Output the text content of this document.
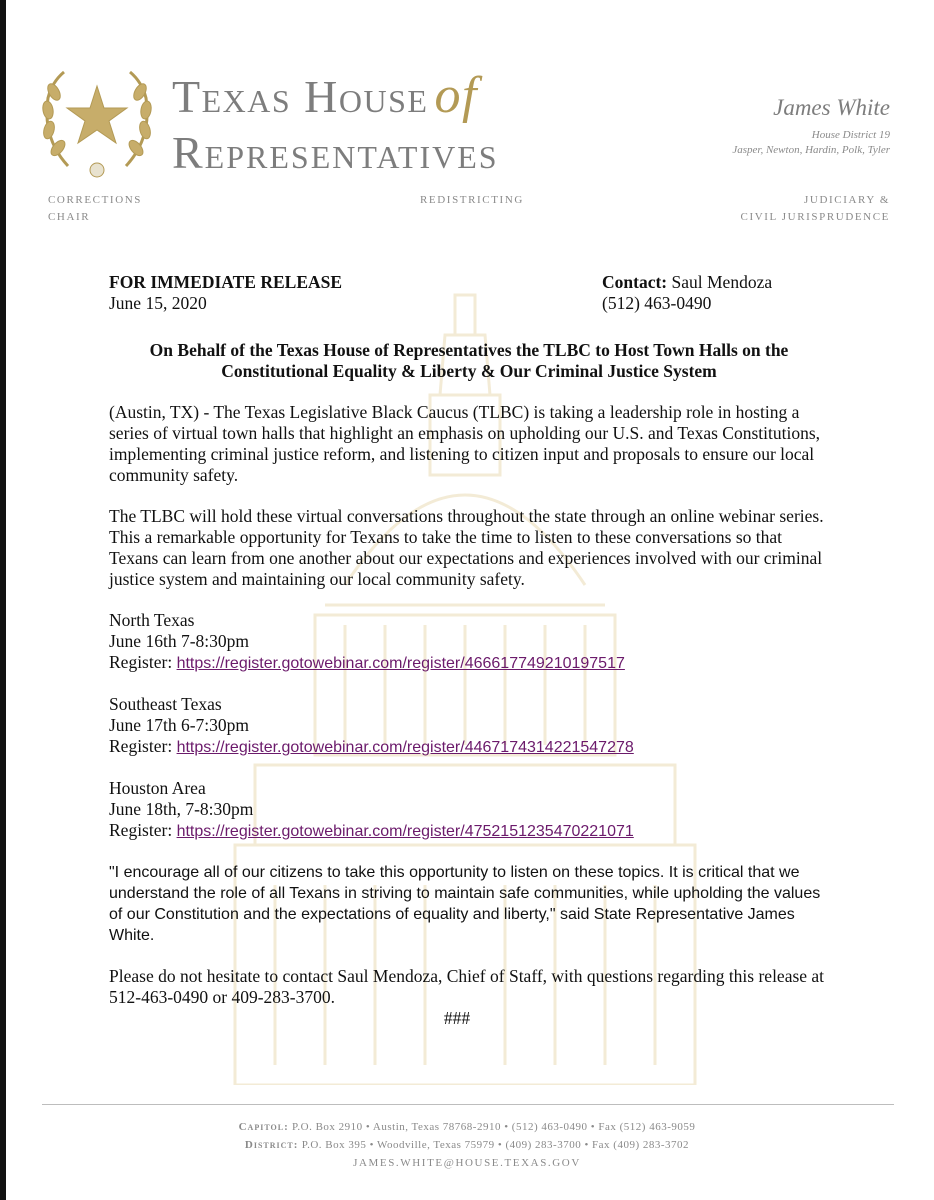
Texas House of
Representatives
James White
House District 19
Jasper, Newton, Hardin, Polk, Tyler
CORRECTIONS
CHAIR
REDISTRICTING	JUDICIARY &
CIVIL JURISPRUDENCE
FOR IMMEDIATE RELEASE
June 15, 2020
Contact: Saul Mendoza
(512) 463-0490
On Behalf of the Texas House of Representatives the TLBC to Host Town Halls on the
Constitutional Equality & Liberty & Our Criminal Justice System

(Austin, TX) - The Texas Legislative Black Caucus (TLBC) is taking a leadership role in hosting a series of virtual town halls that highlight an emphasis on upholding our U.S. and Texas Constitutions, implementing criminal justice reform, and listening to citizen input and proposals to ensure our local community safety.

The TLBC will hold these virtual conversations throughout the state through an online webinar series. This a remarkable opportunity for Texans to take the time to listen to these conversations so that Texans can learn from one another about our expectations and experiences involved with our criminal justice system and maintaining our local community safety.

North Texas
June 16th 7-8:30pm
Register: https://register.gotowebinar.com/register/466617749210197517
Southeast Texas
June 17th 6-7:30pm
Register: https://register.gotowebinar.com/register/4467174314221547278
Houston Area
June 18th, 7-8:30pm
Register: https://register.gotowebinar.com/register/4752151235470221071

"I encourage all of our citizens to take this opportunity to listen on these topics. It is critical that we understand the role of all Texans in striving to maintain safe communities, while upholding the values of our Constitution and the expectations of equality and liberty," said State Representative James White.

Please do not hesitate to contact Saul Mendoza, Chief of Staff, with questions regarding this release at 512-463-0490 or 409-283-3700.

###
Capitol: P.O. Box 2910 • Austin, Texas 78768-2910 • (512) 463-0490 • Fax (512) 463-9059
District: P.O. Box 395 • Woodville, Texas 75979 • (409) 283-3700 • Fax (409) 283-3702
JAMES.WHITE@HOUSE.TEXAS.GOV
